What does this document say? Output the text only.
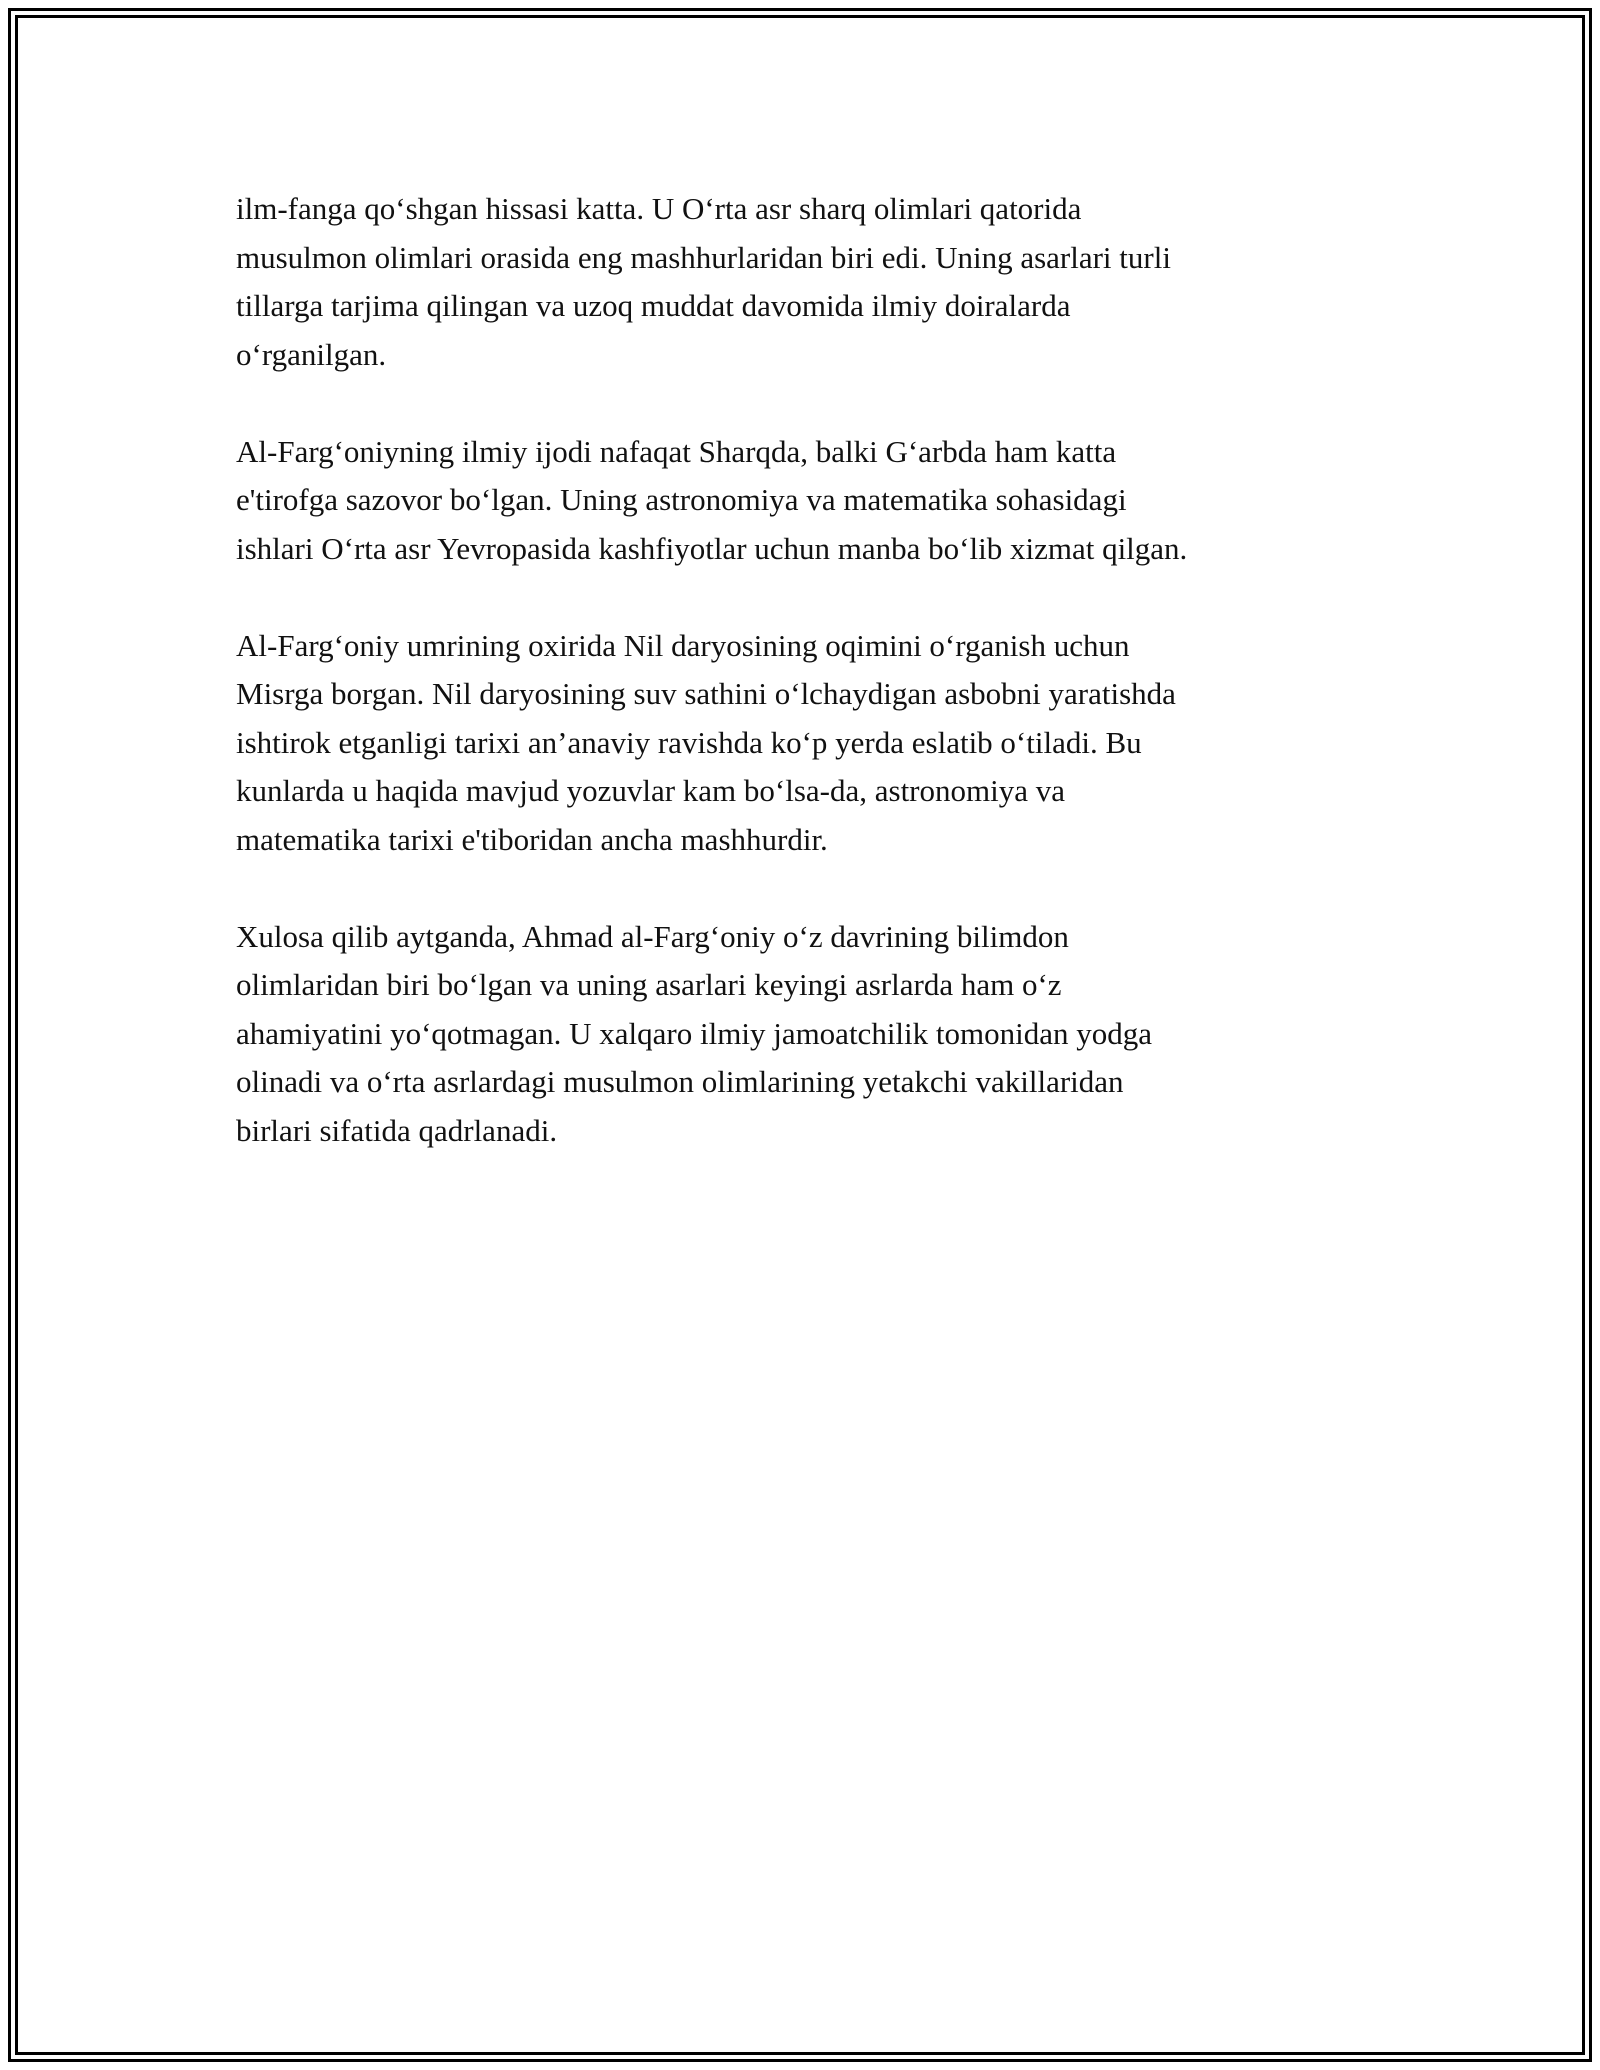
ilm-fanga qo‘shgan hissasi katta. U O‘rta asr sharq olimlari qatorida
musulmon olimlari orasida eng mashhurlaridan biri edi. Uning asarlari turli
tillarga tarjima qilingan va uzoq muddat davomida ilmiy doiralarda
o‘rganilgan.

Al-Farg‘oniyning ilmiy ijodi nafaqat Sharqda, balki G‘arbda ham katta
e'tirofga sazovor bo‘lgan. Uning astronomiya va matematika sohasidagi
ishlari O‘rta asr Yevropasida kashfiyotlar uchun manba bo‘lib xizmat qilgan.

Al-Farg‘oniy umrining oxirida Nil daryosining oqimini o‘rganish uchun
Misrga borgan. Nil daryosining suv sathini o‘lchaydigan asbobni yaratishda
ishtirok etganligi tarixi an’anaviy ravishda ko‘p yerda eslatib o‘tiladi. Bu
kunlarda u haqida mavjud yozuvlar kam bo‘lsa-da, astronomiya va
matematika tarixi e'tiboridan ancha mashhurdir.

Xulosa qilib aytganda, Ahmad al-Farg‘oniy o‘z davrining bilimdon
olimlaridan biri bo‘lgan va uning asarlari keyingi asrlarda ham o‘z
ahamiyatini yo‘qotmagan. U xalqaro ilmiy jamoatchilik tomonidan yodga
olinadi va o‘rta asrlardagi musulmon olimlarining yetakchi vakillaridan
birlari sifatida qadrlanadi.
